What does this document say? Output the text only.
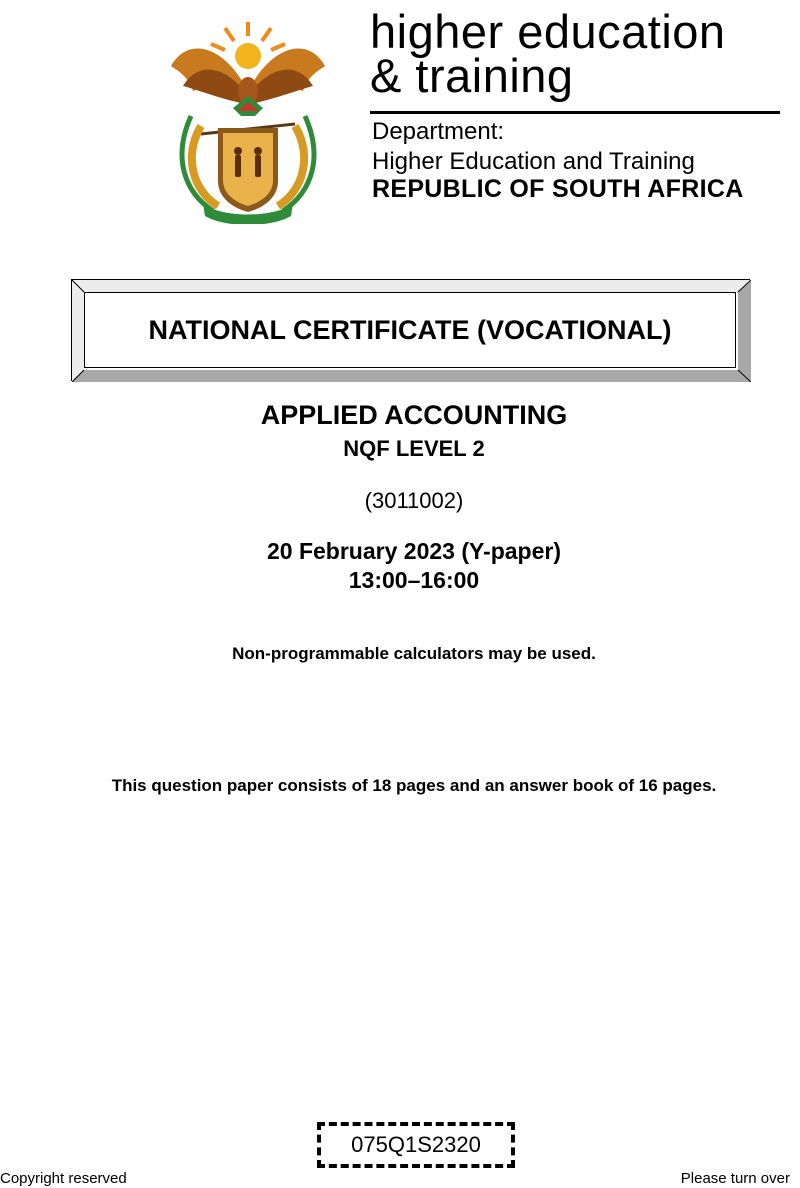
higher education
& training
Department:
Higher Education and Training
REPUBLIC OF SOUTH AFRICA
NATIONAL CERTIFICATE (VOCATIONAL)
APPLIED ACCOUNTING
NQF LEVEL 2
(3011002)
20 February 2023 (Y-paper)
13:00–16:00
Non-programmable calculators may be used.
This question paper consists of 18 pages and an answer book of 16 pages.
075Q1S2320
Copyright reserved	Please turn over
